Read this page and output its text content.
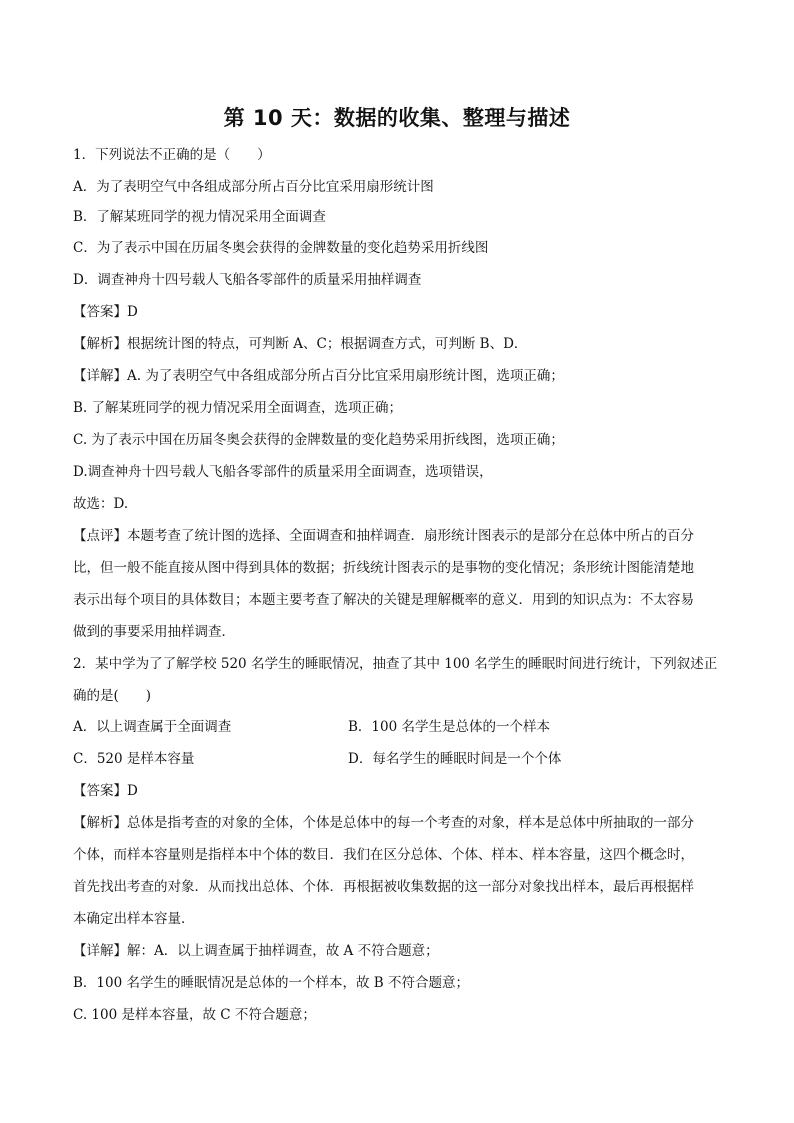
第 10 天：数据的收集、整理与描述
1．下列说法不正确的是（　　）
A．为了表明空气中各组成部分所占百分比宜采用扇形统计图
B．了解某班同学的视力情况采用全面调查
C．为了表示中国在历届冬奥会获得的金牌数量的变化趋势采用折线图
D．调查神舟十四号载人飞船各零部件的质量采用抽样调查
【答案】D
【解析】根据统计图的特点，可判断 A、C；根据调查方式，可判断 B、D．
【详解】A. 为了表明空气中各组成部分所占百分比宜采用扇形统计图，选项正确；
B. 了解某班同学的视力情况采用全面调查，选项正确；
C. 为了表示中国在历届冬奥会获得的金牌数量的变化趋势采用折线图，选项正确；
D.调查神舟十四号载人飞船各零部件的质量采用全面调查，选项错误，
故选：D.
【点评】本题考查了统计图的选择、全面调查和抽样调查．扇形统计图表示的是部分在总体中所占的百分
比，但一般不能直接从图中得到具体的数据；折线统计图表示的是事物的变化情况；条形统计图能清楚地
表示出每个项目的具体数目；本题主要考查了解决的关键是理解概率的意义．用到的知识点为：不太容易
做到的事要采用抽样调查．
2．某中学为了了解学校 520 名学生的睡眠情况，抽查了其中 100 名学生的睡眠时间进行统计，下列叙述正
确的是(　　)
A．以上调查属于全面调查	B．100 名学生是总体的一个样本
C．520 是样本容量	D．每名学生的睡眠时间是一个个体
【答案】D
【解析】总体是指考查的对象的全体，个体是总体中的每一个考查的对象，样本是总体中所抽取的一部分
个体，而样本容量则是指样本中个体的数目．我们在区分总体、个体、样本、样本容量，这四个概念时，
首先找出考查的对象．从而找出总体、个体．再根据被收集数据的这一部分对象找出样本，最后再根据样
本确定出样本容量．
【详解】解：A．以上调查属于抽样调查，故 A 不符合题意；
B．100 名学生的睡眠情况是总体的一个样本，故 B 不符合题意；
C. 100 是样本容量，故 C 不符合题意；
